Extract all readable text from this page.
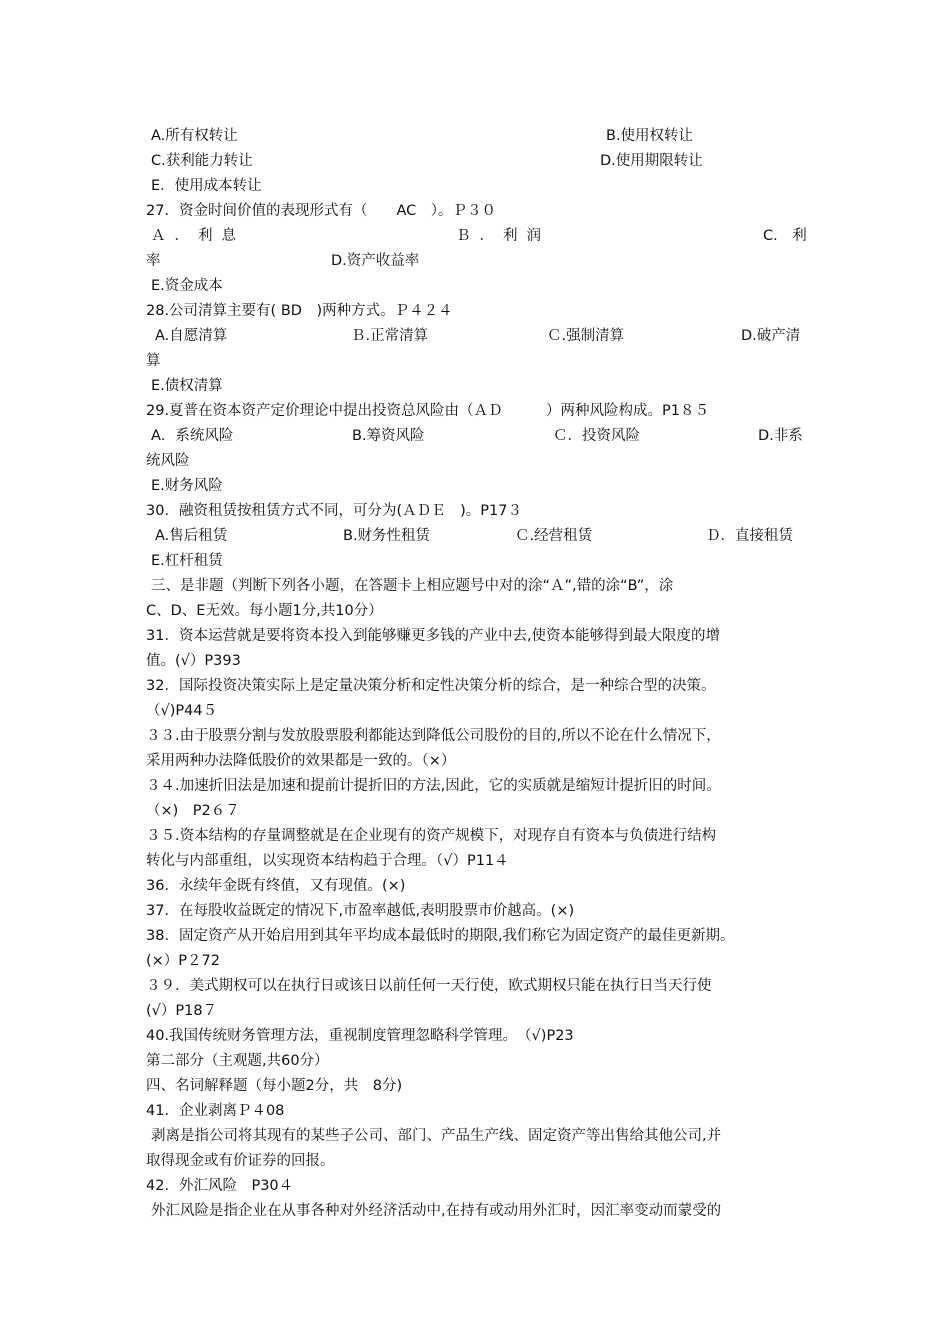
A.所有权转让	B.使用权转让
C.获利能力转让	D.使用期限转让
E．使用成本转让
27．资金时间价值的表现形式有（　　AC　）。Ｐ３０
Ａ．利息	Ｂ．利润	C.　利
率	D.资产收益率
E.资金成本
28.公司清算主要有( BD　)两种方式。Ｐ４２４
A.自愿清算	Ｂ.正常清算	Ｃ.强制清算	D.破产清
算
E.债权清算
29.夏普在资本资产定价理论中提出投资总风险由（ＡＤ　　　）两种风险构成。P1８５
A．系统风险	B.筹资风险	Ｃ．投资风险	D.非系
统风险
E.财务风险
30．融资租赁按租赁方式不同，可分为(ＡＤＥ　)。P17３
A.售后租赁	B.财务性租赁	Ｃ.经营租赁	Ｄ．直接租赁
E.杠杆租赁
三、是非题（判断下列各小题，在答题卡上相应题号中对的涂“Ａ”,错的涂“B”，涂
C、D、E无效。每小题1分,共10分）
31．资本运营就是要将资本投入到能够赚更多钱的产业中去,使资本能够得到最大限度的增
值。(√）P393
32．国际投资决策实际上是定量决策分析和定性决策分析的综合，是一种综合型的决策。
（√)P44５
３３.由于股票分割与发放股票股利都能达到降低公司股份的目的,所以不论在什么情况下，
采用两种办法降低股价的效果都是一致的。（×）
３４.加速折旧法是加速和提前计提折旧的方法,因此，它的实质就是缩短计提折旧的时间。
（×)　P2６７
３５.资本结构的存量调整就是在企业现有的资产规模下，对现存自有资本与负债进行结构
转化与内部重组，以实现资本结构趋于合理。（√）P11４
36．永续年金既有终值，又有现值。(×)
37．在每股收益既定的情况下,市盈率越低,表明股票市价越高。(×)
38．固定资产从开始启用到其年平均成本最低时的期限,我们称它为固定资产的最佳更新期。
(×）P２72
３９．美式期权可以在执行日或该日以前任何一天行使，欧式期权只能在执行日当天行使
(√）P18７
40.我国传统财务管理方法，重视制度管理忽略科学管理。　（√)P23
第二部分（主观题,共60分）
四、名词解释题（每小题2分，共　8分)
41．企业剥离Ｐ４08
剥离是指公司将其现有的某些子公司、部门、产品生产线、固定资产等出售给其他公司,并
取得现金或有价证券的回报。
42．外汇风险　P30４
外汇风险是指企业在从事各种对外经济活动中,在持有或动用外汇时，因汇率变动而蒙受的
